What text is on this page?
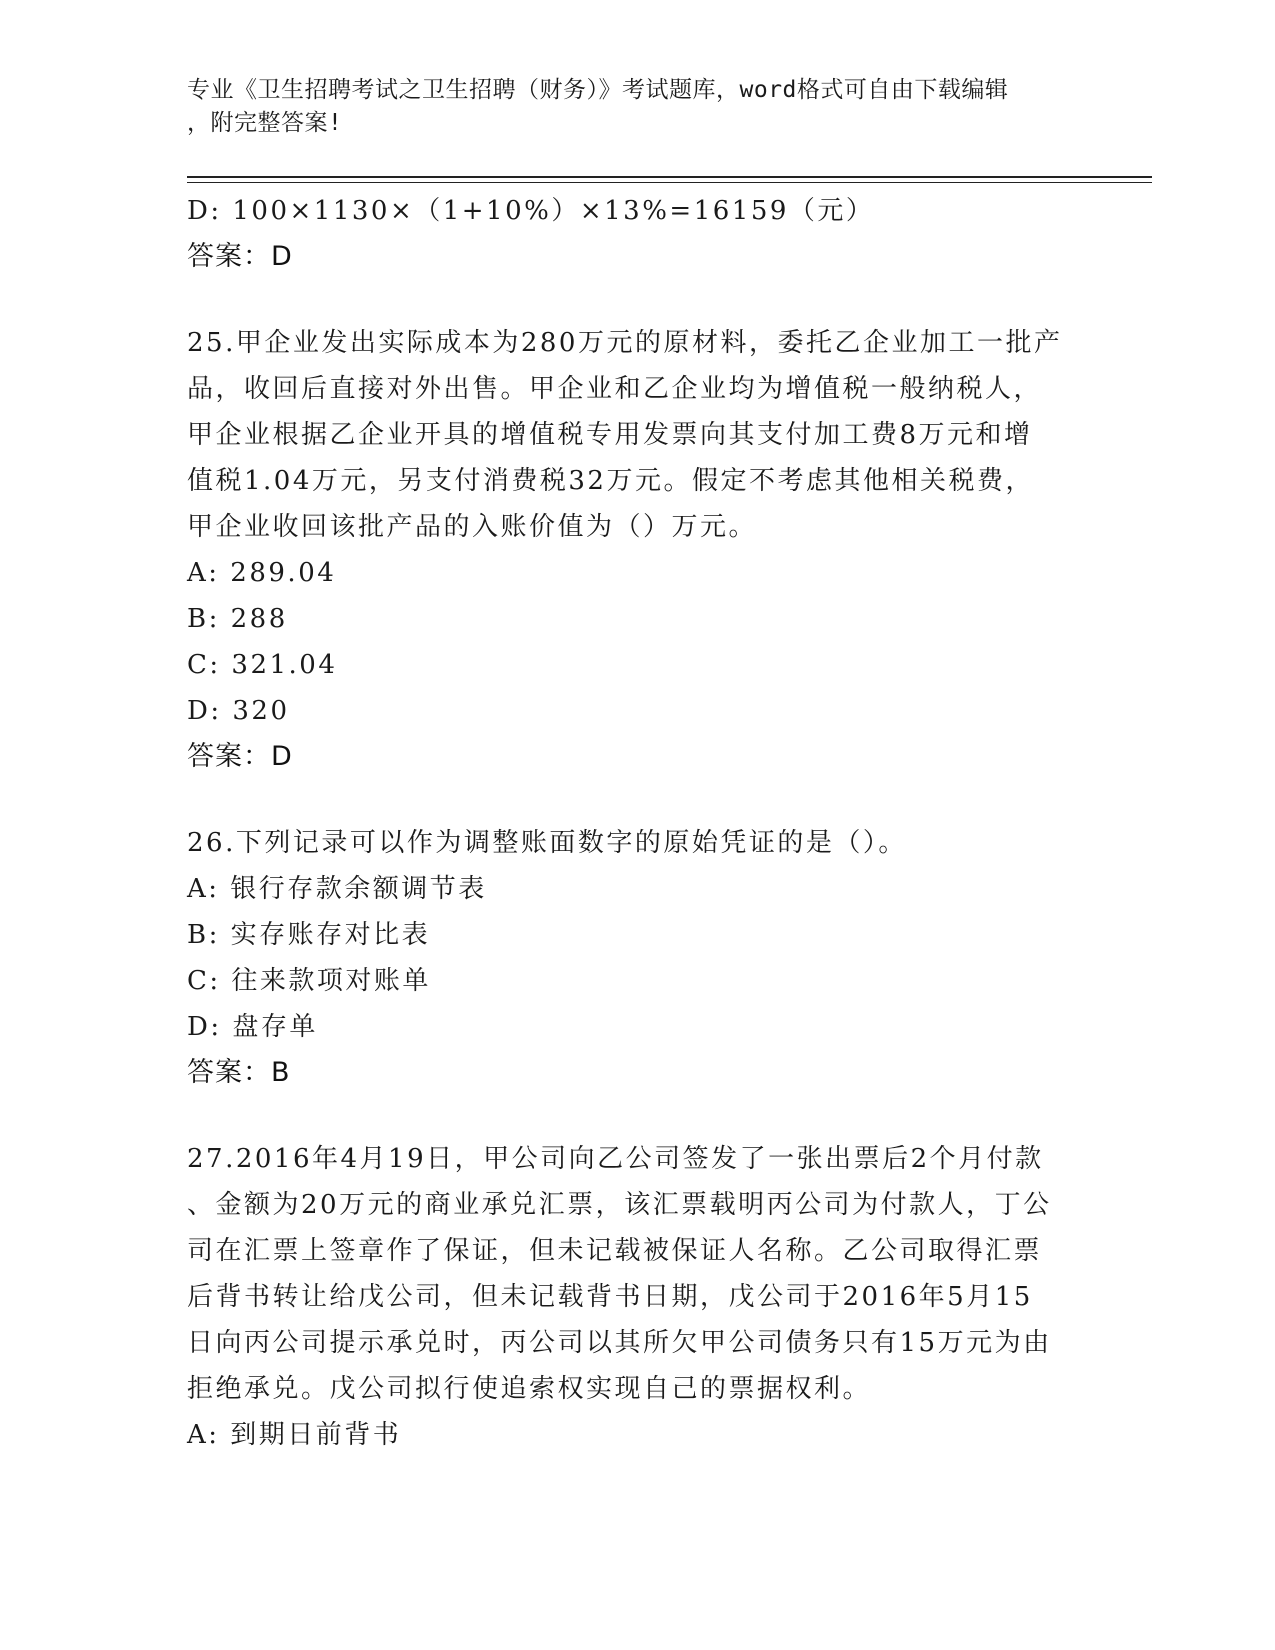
专业《卫生招聘考试之卫生招聘（财务）》考试题库，word格式可自由下载编辑
，附完整答案!
D: 100×1130×（1+10%）×13%=16159（元）
答案：D
25.甲企业发出实际成本为280万元的原材料，委托乙企业加工一批产
品，收回后直接对外出售。甲企业和乙企业均为增值税一般纳税人，
甲企业根据乙企业开具的增值税专用发票向其支付加工费8万元和增
值税1.04万元，另支付消费税32万元。假定不考虑其他相关税费，
甲企业收回该批产品的入账价值为（）万元。
A: 289.04
B: 288
C: 321.04
D: 320
答案：D
26.下列记录可以作为调整账面数字的原始凭证的是（）。
A: 银行存款余额调节表
B: 实存账存对比表
C: 往来款项对账单
D: 盘存单
答案：B
27.2016年4月19日，甲公司向乙公司签发了一张出票后2个月付款
、金额为20万元的商业承兑汇票，该汇票载明丙公司为付款人，丁公
司在汇票上签章作了保证，但未记载被保证人名称。乙公司取得汇票
后背书转让给戊公司，但未记载背书日期，戊公司于2016年5月15
日向丙公司提示承兑时，丙公司以其所欠甲公司债务只有15万元为由
拒绝承兑。戊公司拟行使追索权实现自己的票据权利。
A: 到期日前背书
